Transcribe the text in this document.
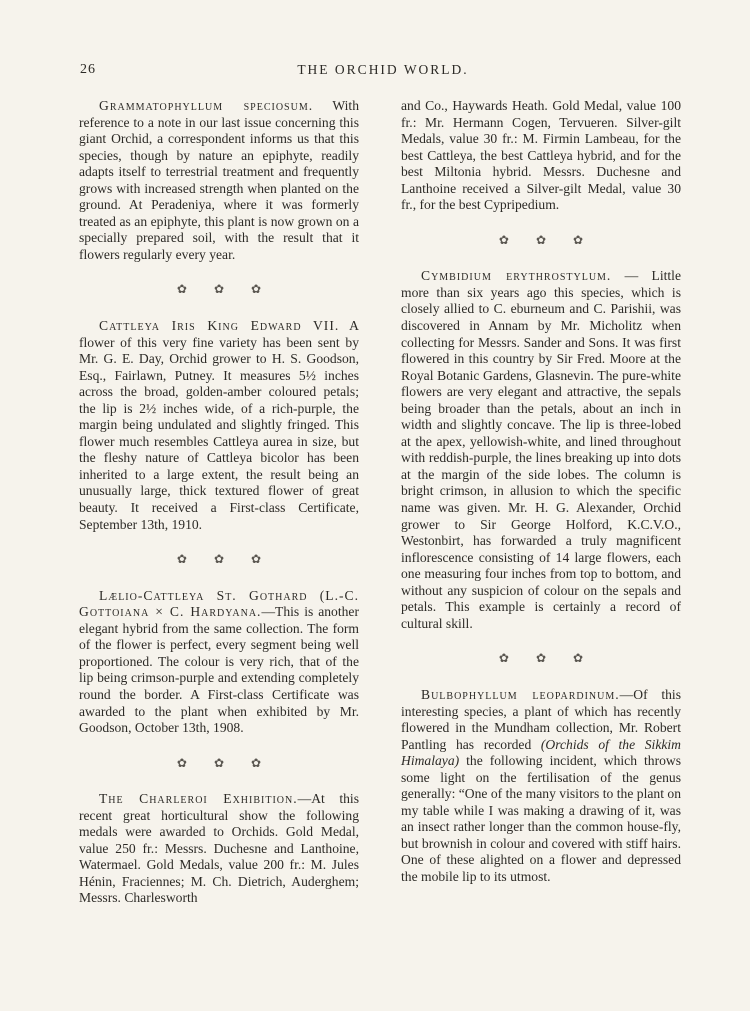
26	THE ORCHID WORLD.

Grammatophyllum speciosum. With reference to a note in our last issue concerning this giant Orchid, a correspondent informs us that this species, though by nature an epiphyte, readily adapts itself to terrestrial treatment and frequently grows with increased strength when planted on the ground. At Peradeniya, where it was formerly treated as an epiphyte, this plant is now grown on a specially prepared soil, with the result that it flowers regularly every year.

✿ ✿ ✿

Cattleya Iris King Edward VII. A flower of this very fine variety has been sent by Mr. G. E. Day, Orchid grower to H. S. Goodson, Esq., Fairlawn, Putney. It measures 5½ inches across the broad, golden-amber coloured petals; the lip is 2½ inches wide, of a rich-purple, the margin being undulated and slightly fringed. This flower much resembles Cattleya aurea in size, but the fleshy nature of Cattleya bicolor has been inherited to a large extent, the result being an unusually large, thick textured flower of great beauty. It received a First-class Certificate, September 13th, 1910.

✿ ✿ ✿

Lælio-Cattleya St. Gothard (L.-C. Gottoiana × C. Hardyana.—This is another elegant hybrid from the same collection. The form of the flower is perfect, every segment being well proportioned. The colour is very rich, that of the lip being crimson-purple and extending completely round the border. A First-class Certificate was awarded to the plant when exhibited by Mr. Goodson, October 13th, 1908.

✿ ✿ ✿

The Charleroi Exhibition.—At this recent great horticultural show the following medals were awarded to Orchids. Gold Medal, value 250 fr.: Messrs. Duchesne and Lanthoine, Watermael. Gold Medals, value 200 fr.: M. Jules Hénin, Fraciennes; M. Ch. Dietrich, Auderghem; Messrs. Charlesworth

and Co., Haywards Heath. Gold Medal, value 100 fr.: Mr. Hermann Cogen, Tervueren. Silver-gilt Medals, value 30 fr.: M. Firmin Lambeau, for the best Cattleya, the best Cattleya hybrid, and for the best Miltonia hybrid. Messrs. Duchesne and Lanthoine received a Silver-gilt Medal, value 30 fr., for the best Cypripedium.

✿ ✿ ✿

Cymbidium erythrostylum. — Little more than six years ago this species, which is closely allied to C. eburneum and C. Parishii, was discovered in Annam by Mr. Micholitz when collecting for Messrs. Sander and Sons. It was first flowered in this country by Sir Fred. Moore at the Royal Botanic Gardens, Glasnevin. The pure-white flowers are very elegant and attractive, the sepals being broader than the petals, about an inch in width and slightly concave. The lip is three-lobed at the apex, yellowish-white, and lined throughout with reddish-purple, the lines breaking up into dots at the margin of the side lobes. The column is bright crimson, in allusion to which the specific name was given. Mr. H. G. Alexander, Orchid grower to Sir George Holford, K.C.V.O., Westonbirt, has forwarded a truly magnificent inflorescence consisting of 14 large flowers, each one measuring four inches from top to bottom, and without any suspicion of colour on the sepals and petals. This example is certainly a record of cultural skill.

✿ ✿ ✿

Bulbophyllum leopardinum.—Of this interesting species, a plant of which has recently flowered in the Mundham collection, Mr. Robert Pantling has recorded (Orchids of the Sikkim Himalaya) the following incident, which throws some light on the fertilisation of the genus generally: “One of the many visitors to the plant on my table while I was making a drawing of it, was an insect rather longer than the common house-fly, but brownish in colour and covered with stiff hairs. One of these alighted on a flower and depressed the mobile lip to its utmost.
